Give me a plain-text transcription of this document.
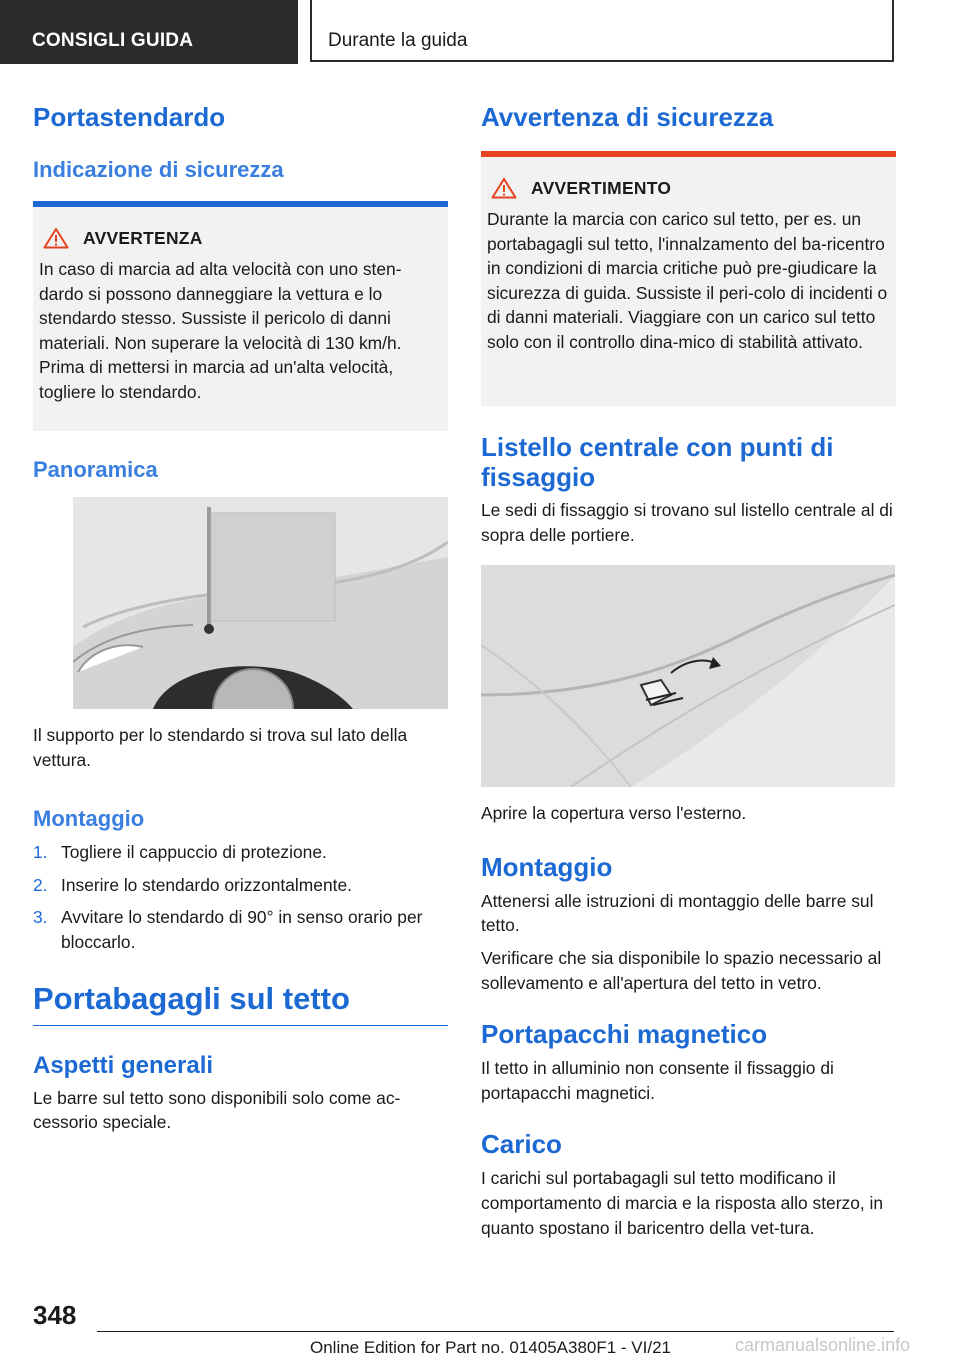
CONSIGLI GUIDA	Durante la guida
Portastendardo
Indicazione di sicurezza
AVVERTENZA

In caso di marcia ad alta velocità con uno sten-dardo si possono danneggiare la vettura e lo stendardo stesso. Sussiste il pericolo di danni materiali. Non superare la velocità di 130 km/h. Prima di mettersi in marcia ad un'alta velocità, togliere lo stendardo.

Panoramica

Il supporto per lo stendardo si trova sul lato della vettura.

Montaggio
1. Togliere il cappuccio di protezione.
2. Inserire lo stendardo orizzontalmente.
3. Avvitare lo stendardo di 90° in senso orario per bloccarlo.
Portabagagli sul tetto
Aspetti generali

Le barre sul tetto sono disponibili solo come ac-cessorio speciale.

Avvertenza di sicurezza
AVVERTIMENTO

Durante la marcia con carico sul tetto, per es. un portabagagli sul tetto, l'innalzamento del ba-ricentro in condizioni di marcia critiche può pre-giudicare la sicurezza di guida. Sussiste il peri-colo di incidenti o di danni materiali. Viaggiare con un carico sul tetto solo con il controllo dina-mico di stabilità attivato.

Listello centrale con punti di fissaggio

Le sedi di fissaggio si trovano sul listello centrale al di sopra delle portiere.

Aprire la copertura verso l'esterno.

Montaggio

Attenersi alle istruzioni di montaggio delle barre sul tetto.

Verificare che sia disponibile lo spazio necessario al sollevamento e all'apertura del tetto in vetro.

Portapacchi magnetico

Il tetto in alluminio non consente il fissaggio di portapacchi magnetici.

Carico

I carichi sul portabagagli sul tetto modificano il comportamento di marcia e la risposta allo sterzo, in quanto spostano il baricentro della vet-tura.

348
Online Edition for Part no. 01405A380F1 - VI/21	carmanualsonline.info
